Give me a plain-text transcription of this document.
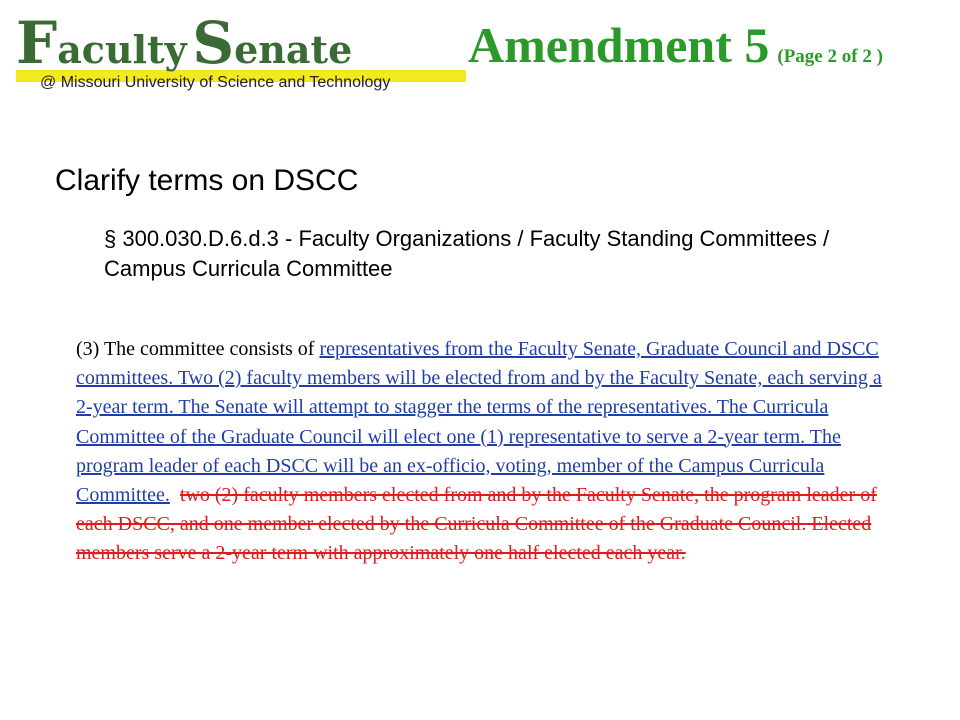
Faculty Senate
@ Missouri University of Science and Technology
Amendment 5 (Page 2 of 2 )
Clarify terms on DSCC
§ 300.030.D.6.d.3 - Faculty Organizations / Faculty Standing Committees / Campus Curricula Committee
(3) The committee consists of representatives from the Faculty Senate, Graduate Council and DSCC committees. Two (2) faculty members will be elected from and by the Faculty Senate, each serving a 2-year term. The Senate will attempt to stagger the terms of the representatives. The Curricula Committee of the Graduate Council will elect one (1) representative to serve a 2-year term. The program leader of each DSCC will be an ex-officio, voting, member of the Campus Curricula Committee. two (2) faculty members elected from and by the Faculty Senate, the program leader of each DSCC, and one member elected by the Curricula Committee of the Graduate Council. Elected members serve a 2-year term with approximately one half elected each year.
